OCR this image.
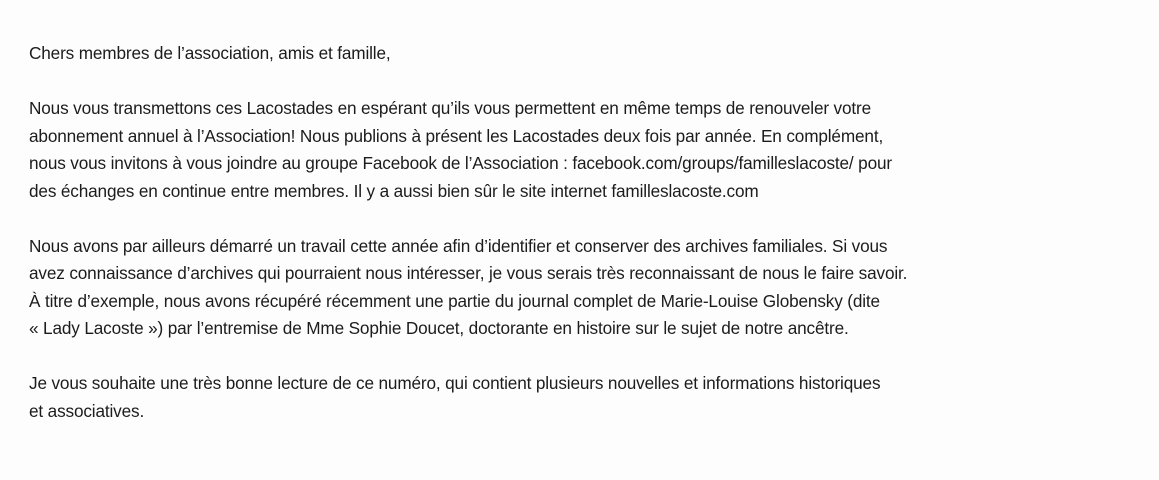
Chers membres de l’association, amis et famille,
Nous vous transmettons ces Lacostades en espérant qu’ils vous permettent en même temps de renouveler votre
abonnement annuel à l’Association! Nous publions à présent les Lacostades deux fois par année. En complément,
nous vous invitons à vous joindre au groupe Facebook de l’Association : facebook.com/groups/familleslacoste/ pour
des échanges en continue entre membres. Il y a aussi bien sûr le site internet familleslacoste.com
Nous avons par ailleurs démarré un travail cette année afin d’identifier et conserver des archives familiales. Si vous
avez connaissance d’archives qui pourraient nous intéresser, je vous serais très reconnaissant de nous le faire savoir.
À titre d’exemple, nous avons récupéré récemment une partie du journal complet de Marie-Louise Globensky (dite
« Lady Lacoste ») par l’entremise de Mme Sophie Doucet, doctorante en histoire sur le sujet de notre ancêtre.
Je vous souhaite une très bonne lecture de ce numéro, qui contient plusieurs nouvelles et informations historiques
et associatives.
